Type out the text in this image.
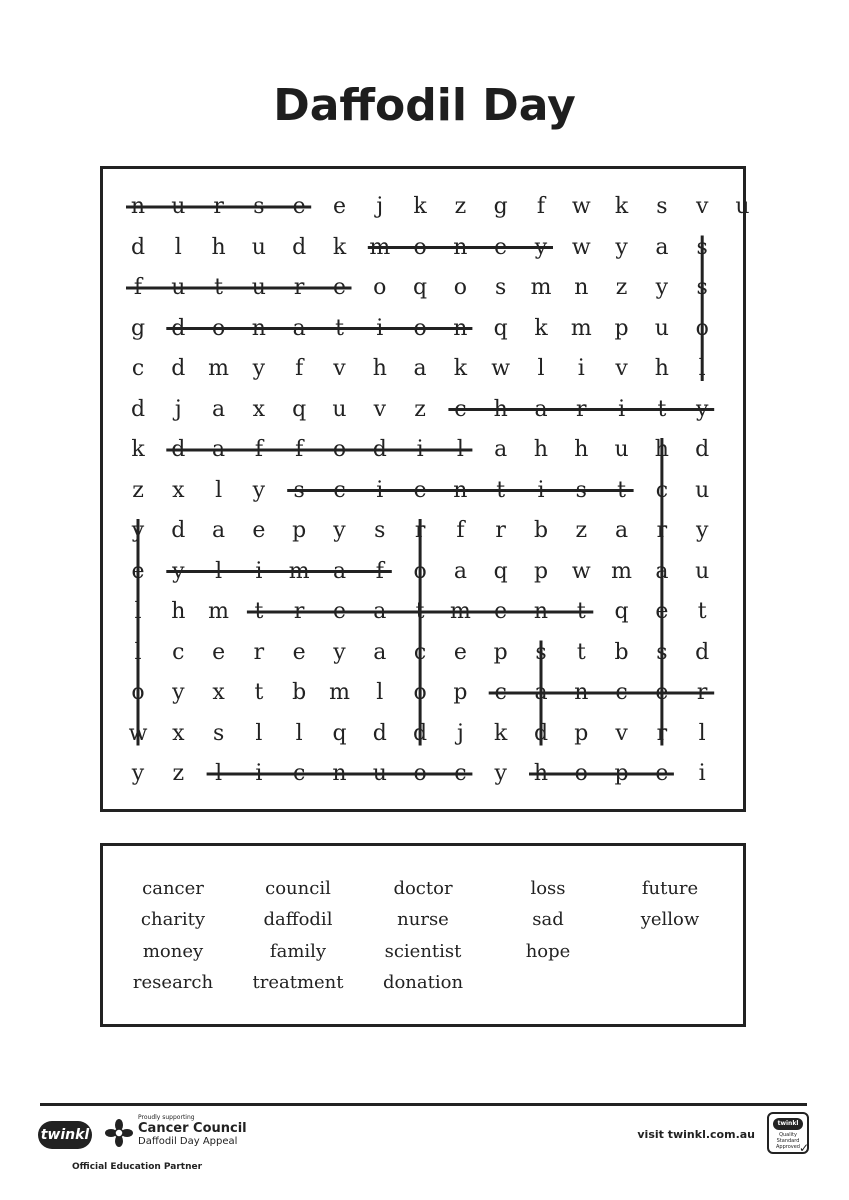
Daffodil Day
n	u	r	s	e	e	j	k	z	g	f	w	k	s	v	u
d	l	h	u	d	k	m	o	n	e	y	w	y	a	s
f	u	t	u	r	e	o	q	o	s	m	n	z	y	s
g	d	o	n	a	t	i	o	n	q	k	m	p	u	o
c	d	m	y	f	v	h	a	k	w	l	i	v	h	l
d	j	a	x	q	u	v	z	c	h	a	r	i	t	y
k	d	a	f	f	o	d	i	l	a	h	h	u	h	d
z	x	l	y	s	c	i	e	n	t	i	s	t	c	u
y	d	a	e	p	y	s	r	f	r	b	z	a	r	y
e	y	l	i	m	a	f	o	a	q	p	w m	a	u
l	h	m	t	r	e	a	t	m	e	n	t	q	e	t
l	c	e	r	e	y	a	c	e	p	s	t	b	s	d
o	y	x	t	b	m	l	o	p	c	a	n	c	e	r
w	x	s	l	l	q	d	d	j	k	d	p	v	r	l
y	z	l	i	c	n	u	o	c	y	h	o	p	e	i
cancer	council	doctor	loss	future
charity	daffodil	nurse	sad	yellow
money	family	scientist	hope
research	treatment	donation
twinkl
Proudly supporting
Cancer Council
Daffodil Day Appeal
Official Education Partner
visit twinkl.com.au
twinkl
Quality Standard Approved
✓
